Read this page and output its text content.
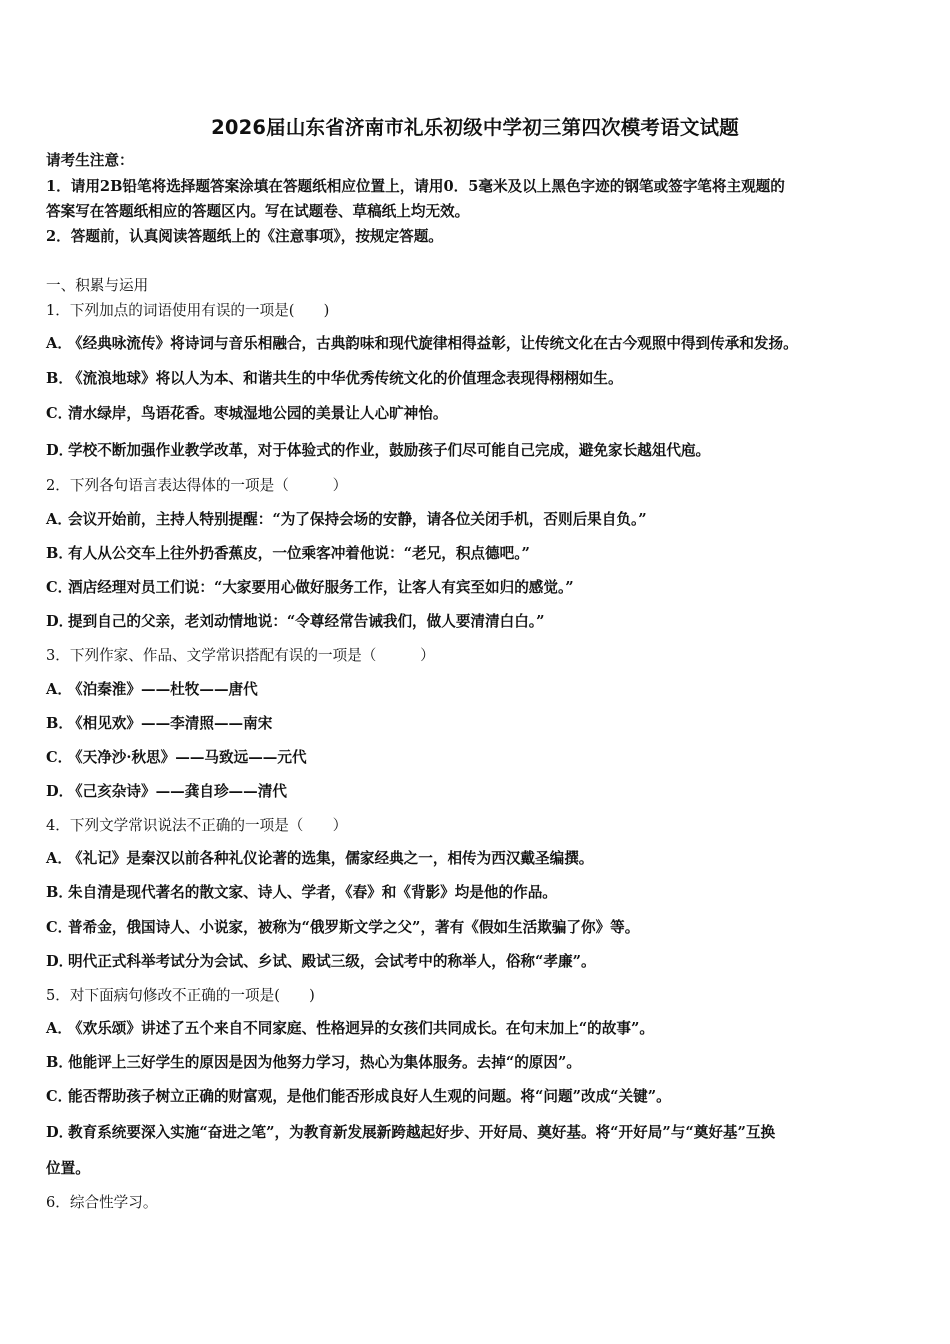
2026届山东省济南市礼乐初级中学初三第四次模考语文试题
请考生注意：
1．请用2B铅笔将选择题答案涂填在答题纸相应位置上，请用0．5毫米及以上黑色字迹的钢笔或签字笔将主观题的
答案写在答题纸相应的答题区内。写在试题卷、草稿纸上均无效。
2．答题前，认真阅读答题纸上的《注意事项》，按规定答题。
一、积累与运用
1．下列加点的词语使用有误的一项是(　　)
A．《经典咏流传》将诗词与音乐相融合，古典韵味和现代旋律相得益彰，让传统文化在古今观照中得到传承和发扬。
B．《流浪地球》将以人为本、和谐共生的中华优秀传统文化的价值理念表现得栩栩如生。
C．清水绿岸，鸟语花香。枣城湿地公园的美景让人心旷神怡。
D．学校不断加强作业教学改革，对于体验式的作业，鼓励孩子们尽可能自己完成，避免家长越俎代庖。
2．下列各句语言表达得体的一项是（　　　）
A．会议开始前，主持人特别提醒：“为了保持会场的安静，请各位关闭手机，否则后果自负。”
B．有人从公交车上往外扔香蕉皮，一位乘客冲着他说：“老兄，积点德吧。”
C．酒店经理对员工们说：“大家要用心做好服务工作，让客人有宾至如归的感觉。”
D．提到自己的父亲，老刘动情地说：“令尊经常告诫我们，做人要清清白白。”
3．下列作家、作品、文学常识搭配有误的一项是（　　　）
A．《泊秦淮》——杜牧——唐代
B．《相见欢》——李清照——南宋
C．《天净沙·秋思》——马致远——元代
D．《己亥杂诗》——龚自珍——清代
4．下列文学常识说法不正确的一项是（　　）
A．《礼记》是秦汉以前各种礼仪论著的选集，儒家经典之一，相传为西汉戴圣编撰。
B．朱自清是现代著名的散文家、诗人、学者，《春》和《背影》均是他的作品。
C．普希金，俄国诗人、小说家，被称为“俄罗斯文学之父”，著有《假如生活欺骗了你》等。
D．明代正式科举考试分为会试、乡试、殿试三级，会试考中的称举人，俗称“孝廉”。
5．对下面病句修改不正确的一项是(　　)
A．《欢乐颂》讲述了五个来自不同家庭、性格迥异的女孩们共同成长。在句末加上“的故事”。
B．他能评上三好学生的原因是因为他努力学习，热心为集体服务。去掉“的原因”。
C．能否帮助孩子树立正确的财富观，是他们能否形成良好人生观的问题。将“问题”改成“关键”。
D．教育系统要深入实施“奋进之笔”，为教育新发展新跨越起好步、开好局、奠好基。将“开好局”与“奠好基”互换
位置。
6．综合性学习。
